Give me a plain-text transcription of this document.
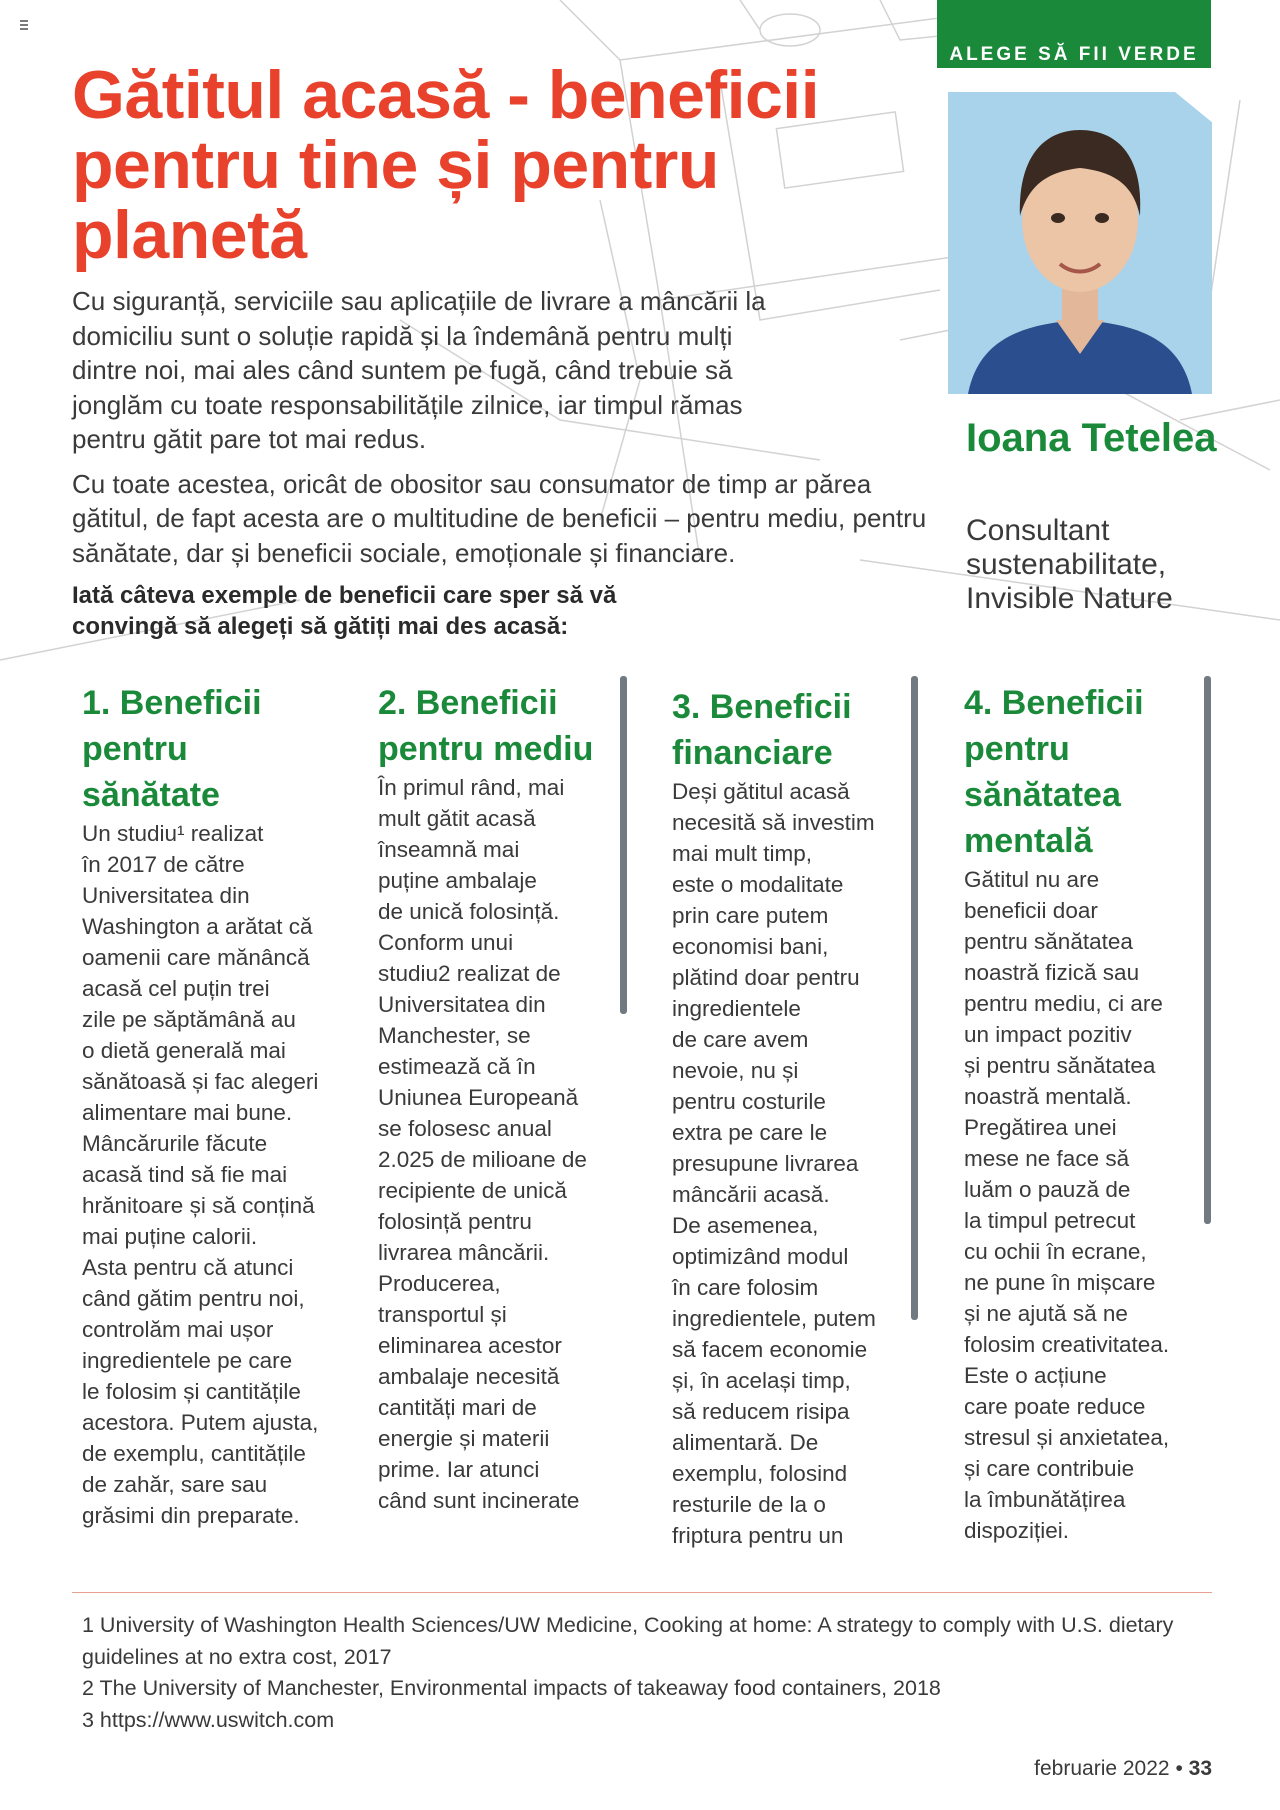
ALEGE SĂ FII VERDE
Gătitul acasă - beneficii pentru tine și pentru planetă

Cu siguranță, serviciile sau aplicațiile de livrare a mâncării la domiciliu sunt o soluție rapidă și la îndemână pentru mulți dintre noi, mai ales când suntem pe fugă, când trebuie să jonglăm cu toate responsabilitățile zilnice, iar timpul rămas pentru gătit pare tot mai redus.

Cu toate acestea, oricât de obositor sau consumator de timp ar părea gătitul, de fapt acesta are o multitudine de beneficii – pentru mediu, pentru sănătate, dar și beneficii sociale, emoționale și financiare.

Iată câteva exemple de beneficii care sper să vă convingă să alegeți să gătiți mai des acasă:

Ioana Tetelea
Consultant sustenabilitate, Invisible Nature
1. Beneficii pentru sănătate

Un studiu¹ realizat
în 2017 de către
Universitatea din
Washington a arătat că
oamenii care mănâncă
acasă cel puțin trei
zile pe săptămână au
o dietă generală mai
sănătoasă și fac alegeri
alimentare mai bune.
Mâncărurile făcute
acasă tind să fie mai
hrănitoare și să conțină
mai puține calorii.
Asta pentru că atunci
când gătim pentru noi,
controlăm mai ușor
ingredientele pe care
le folosim și cantitățile
acestora. Putem ajusta,
de exemplu, cantitățile
de zahăr, sare sau
grăsimi din preparate.

2. Beneficii pentru mediu

În primul rând, mai
mult gătit acasă
înseamnă mai
puține ambalaje
de unică folosință.
Conform unui
studiu2 realizat de
Universitatea din
Manchester, se
estimează că în
Uniunea Europeană
se folosesc anual
2.025 de milioane de
recipiente de unică
folosință pentru
livrarea mâncării.
Producerea,
transportul și
eliminarea acestor
ambalaje necesită
cantități mari de
energie și materii
prime. Iar atunci
când sunt incinerate

3. Beneficii financiare

Deși gătitul acasă
necesită să investim
mai mult timp,
este o modalitate
prin care putem
economisi bani,
plătind doar pentru
ingredientele
de care avem
nevoie, nu și
pentru costurile
extra pe care le
presupune livrarea
mâncării acasă.
De asemenea,
optimizând modul
în care folosim
ingredientele, putem
să facem economie
și, în același timp,
să reducem risipa
alimentară. De
exemplu, folosind
resturile de la o
friptura pentru un

4. Beneficii pentru sănătatea mentală

Gătitul nu are
beneficii doar
pentru sănătatea
noastră fizică sau
pentru mediu, ci are
un impact pozitiv
și pentru sănătatea
noastră mentală.
Pregătirea unei
mese ne face să
luăm o pauză de
la timpul petrecut
cu ochii în ecrane,
ne pune în mișcare
și ne ajută să ne
folosim creativitatea.
Este o acțiune
care poate reduce
stresul și anxietatea,
și care contribuie
la îmbunătățirea
dispoziției.

1 University of Washington Health Sciences/UW Medicine, Cooking at home: A strategy to comply with U.S. dietary guidelines at no extra cost, 2017

2 The University of Manchester, Environmental impacts of takeaway food containers, 2018

3 https://www.uswitch.com

februarie 2022 • 33
